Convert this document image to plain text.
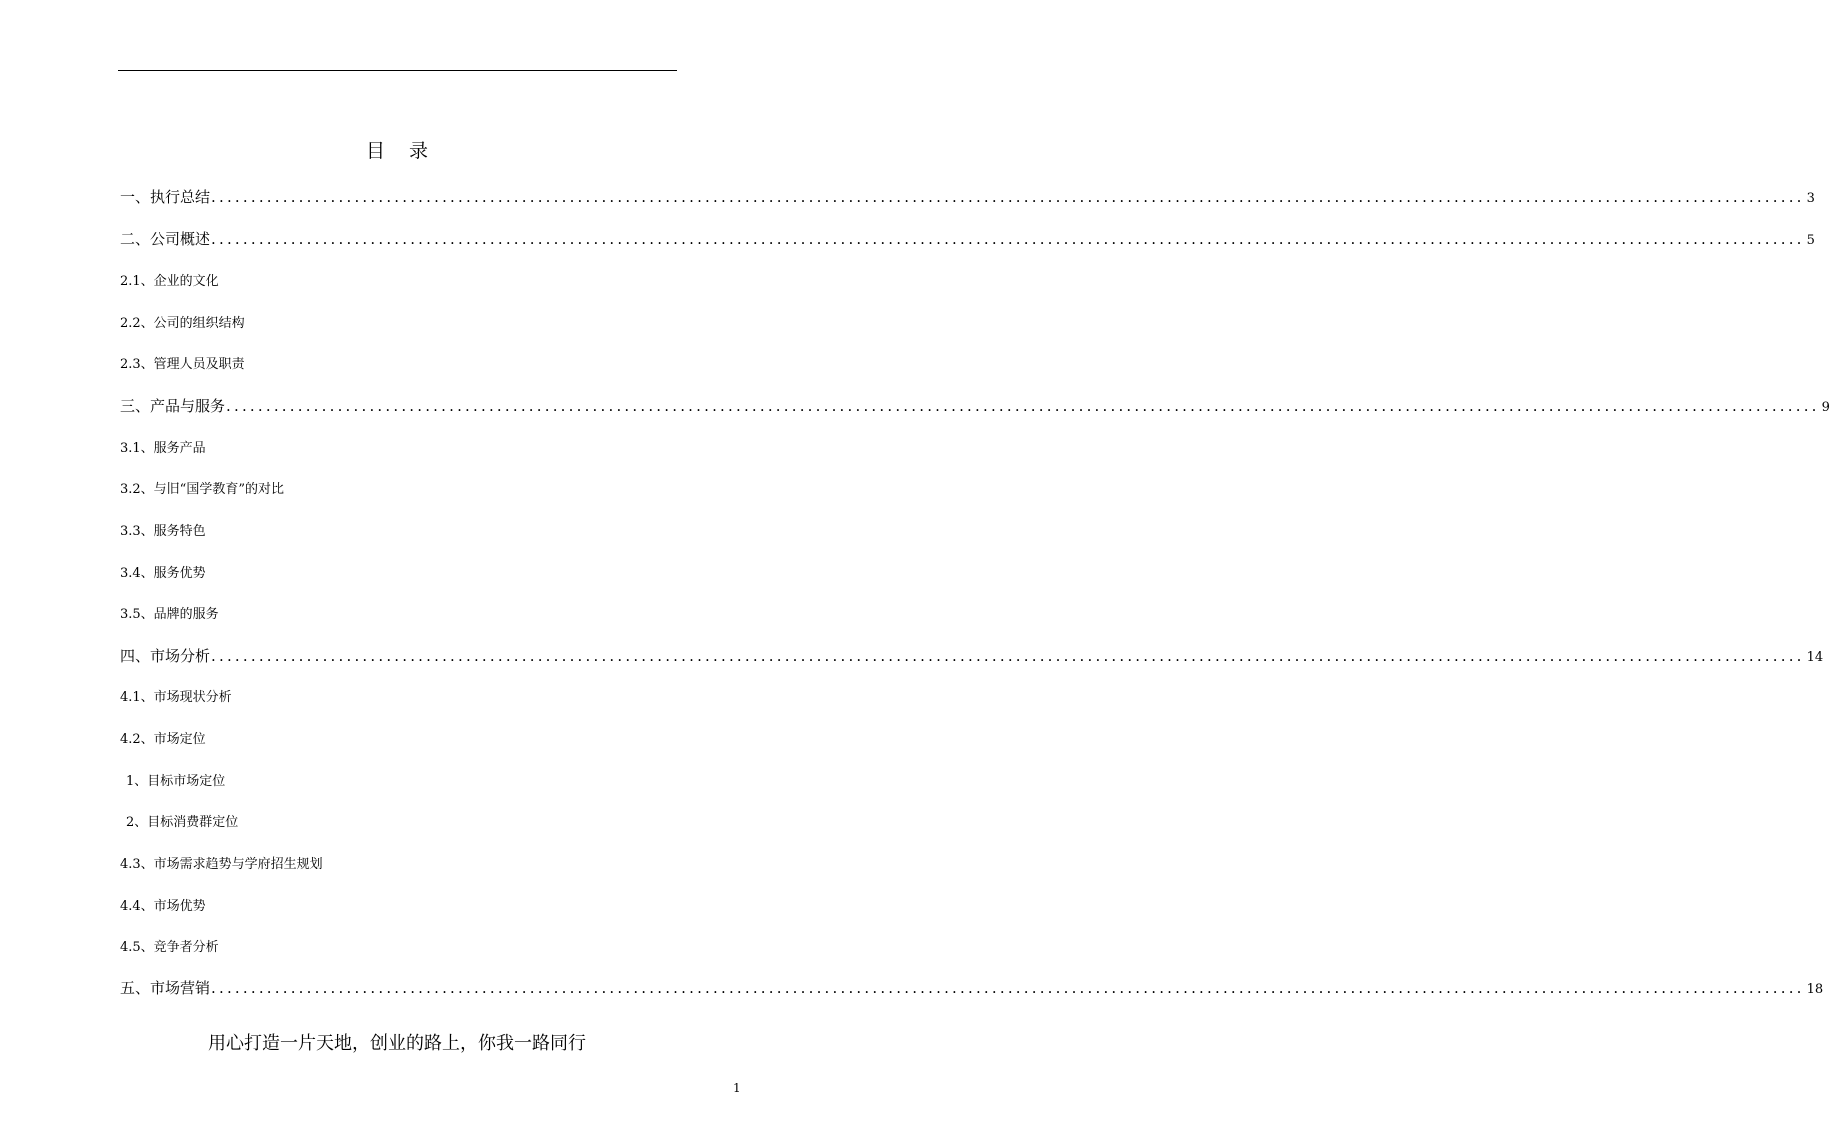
目 录
一、执行总结 ........................................................................................................................................................................................................ 3
二、公司概述 ........................................................................................................................................................................................................ 5
2.1、企业的文化
2.2、公司的组织结构
2.3、管理人员及职责
三、产品与服务 ........................................................................................................................................................................................................ 9
3.1、服务产品
3.2、与旧“国学教育”的对比
3.3、服务特色
3.4、服务优势
3.5、品牌的服务
四、市场分析 ........................................................................................................................................................................................................ 14
4.1、市场现状分析
4.2、市场定位
1、目标市场定位
2、目标消费群定位
4.3、市场需求趋势与学府招生规划
4.4、市场优势
4.5、竞争者分析
五、市场营销 ........................................................................................................................................................................................................ 18
用心打造一片天地，创业的路上，你我一路同行
1
